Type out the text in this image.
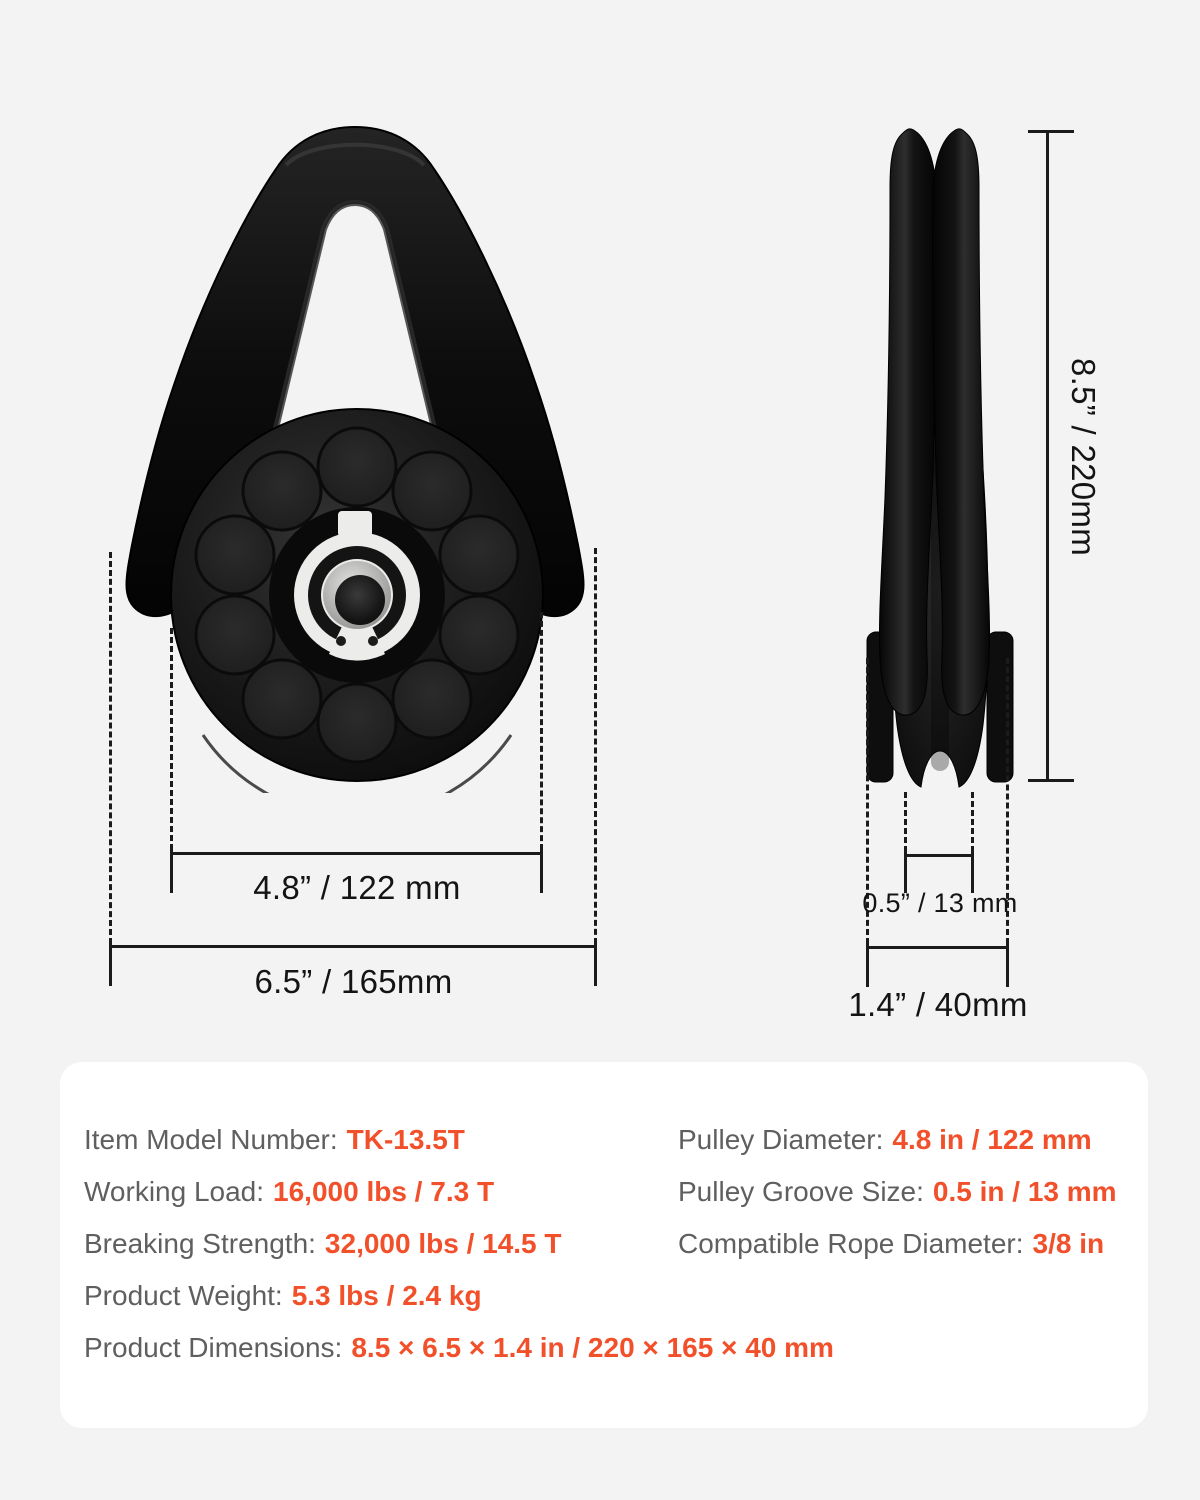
4.8” / 122 mm
6.5” / 165mm
0.5” / 13 mm
1.4” / 40mm
8.5” / 220mm
Item Model Number: TK-13.5T	Pulley Diameter: 4.8 in / 122 mm
Working Load: 16,000 lbs / 7.3 T	Pulley Groove Size: 0.5 in / 13 mm
Breaking Strength: 32,000 lbs / 14.5 T	Compatible Rope Diameter: 3/8 in
Product Weight: 5.3 lbs / 2.4 kg
Product Dimensions: 8.5 × 6.5 × 1.4 in / 220 × 165 × 40 mm
